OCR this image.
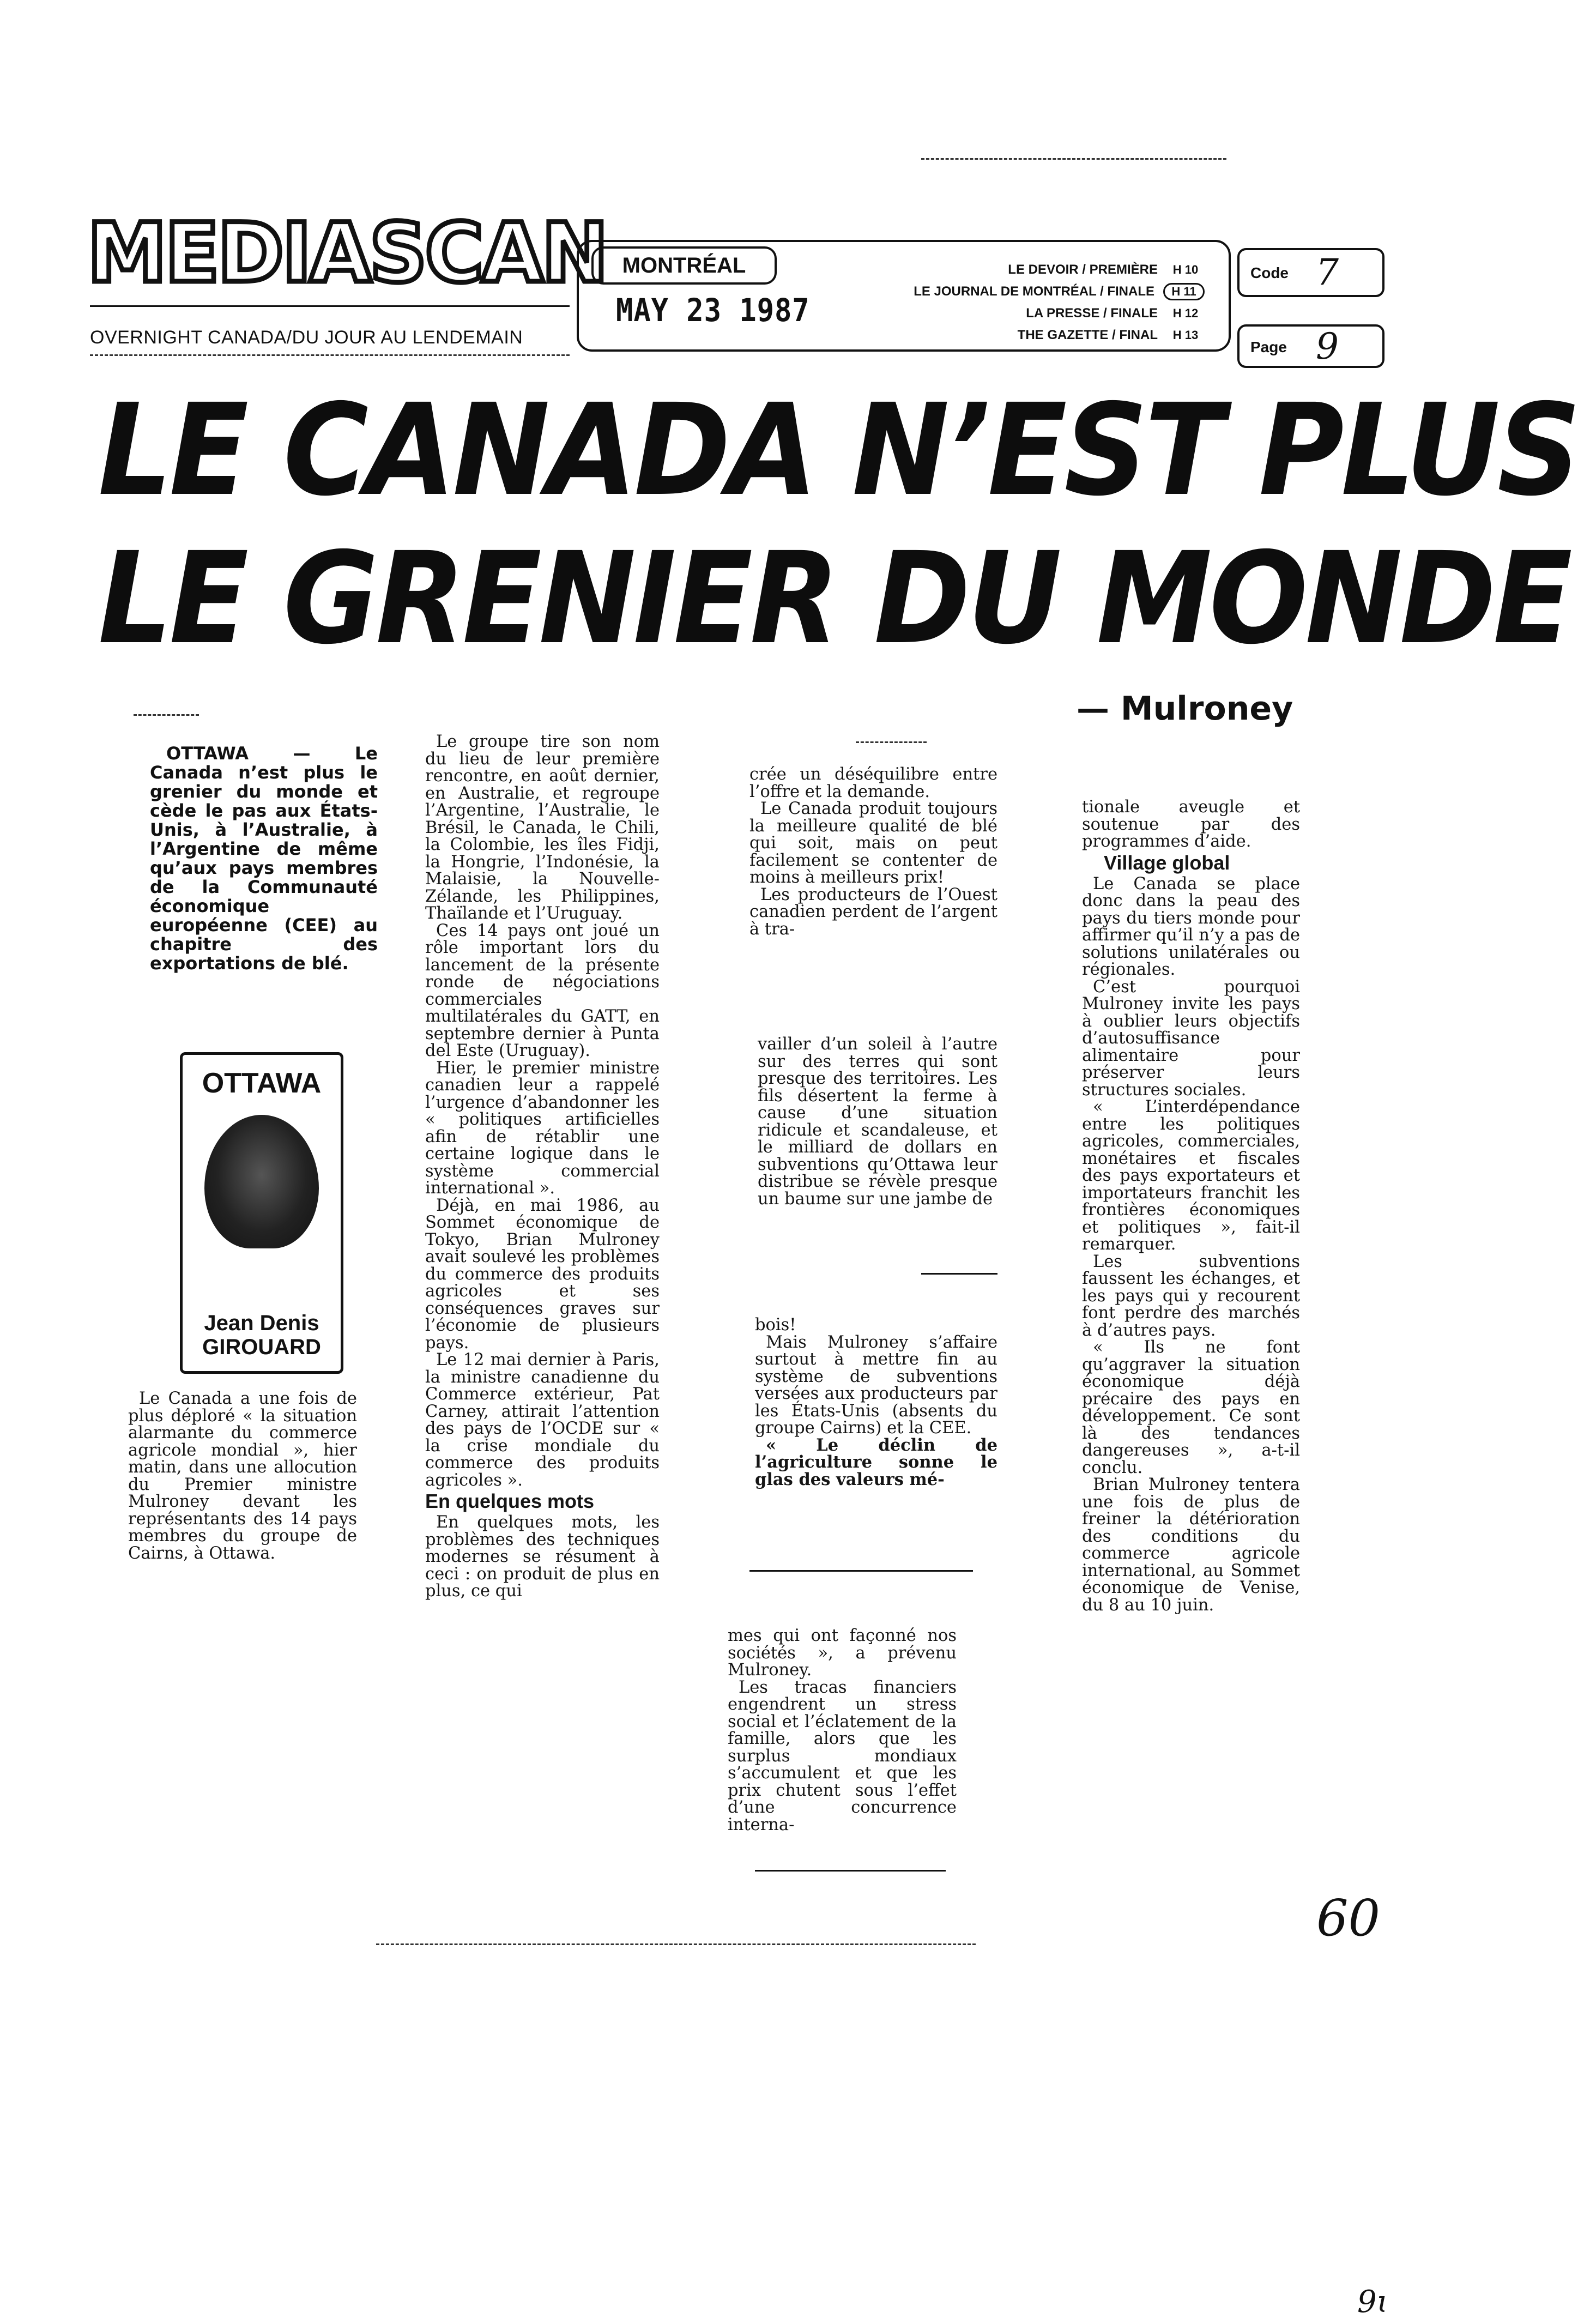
MEDIASCAN
OVERNIGHT CANADA/DU JOUR AU LENDEMAIN
MONTRÉAL
MAY 23 1987
LE DEVOIR / PREMIÈRE	H 10
LE JOURNAL DE MONTRÉAL / FINALE	H 11
LA PRESSE / FINALE	H 12
THE GAZETTE / FINAL	H 13
Code 7
Page 9
LE CANADA N’EST PLUS
LE GRENIER DU MONDE
— Mulroney

OTTAWA — Le Canada n’est plus le grenier du monde et cède le pas aux États-Unis, à l’Australie, à l’Argentine de même qu’aux pays membres de la Communauté économique européenne (CEE) au chapitre des exportations de blé.

OTTAWA
Jean Denis
GIROUARD

Le Canada a une fois de plus déploré « la situation alarmante du commerce agricole mondial », hier matin, dans une allocution du Premier ministre Mulroney devant les représentants des 14 pays membres du groupe de Cairns, à Ottawa.

Le groupe tire son nom du lieu de leur première rencontre, en août dernier, en Australie, et regroupe l’Argentine, l’Australie, le Brésil, le Canada, le Chili, la Colombie, les îles Fidji, la Hongrie, l’Indonésie, la Malaisie, la Nouvelle-Zélande, les Philippines, Thaïlande et l’Uruguay.

Ces 14 pays ont joué un rôle important lors du lancement de la présente ronde de négociations commerciales multilatérales du GATT, en septembre dernier à Punta del Este (Uruguay).

Hier, le premier ministre canadien leur a rappelé l’urgence d’abandonner les « politiques artificielles afin de rétablir une certaine logique dans le système commercial international ».

Déjà, en mai 1986, au Sommet économique de Tokyo, Brian Mulroney avait soulevé les problèmes du commerce des produits agricoles et ses conséquences graves sur l’économie de plusieurs pays.

Le 12 mai dernier à Paris, la ministre canadienne du Commerce extérieur, Pat Carney, attirait l’attention des pays de l’OCDE sur « la crise mondiale du commerce des produits agricoles ».

En quelques mots

En quelques mots, les problèmes des techniques modernes se résument à ceci : on produit de plus en plus, ce qui

crée un déséquilibre entre l’offre et la demande.

Le Canada produit toujours la meilleure qualité de blé qui soit, mais on peut facilement se contenter de moins à meilleurs prix!

Les producteurs de l’Ouest canadien perdent de l’argent à tra-

vailler d’un soleil à l’autre sur des terres qui sont presque des territoires. Les fils désertent la ferme à cause d’une situation ridicule et scandaleuse, et le milliard de dollars en subventions qu’Ottawa leur distribue se révèle presque un baume sur une jambe de

bois!

Mais Mulroney s’affaire surtout à mettre fin au système de subventions versées aux producteurs par les États-Unis (absents du groupe Cairns) et la CEE.

« Le déclin de l’agriculture sonne le glas des valeurs mé-

mes qui ont façonné nos sociétés », a prévenu Mulroney.

Les tracas financiers engendrent un stress social et l’éclatement de la famille, alors que les surplus mondiaux s’accumulent et que les prix chutent sous l’effet d’une concurrence interna-

tionale aveugle et soutenue par des programmes d’aide.

Village global

Le Canada se place donc dans la peau des pays du tiers monde pour affirmer qu’il n’y a pas de solutions unilatérales ou régionales.

C’est pourquoi Mulroney invite les pays à oublier leurs objectifs d’autosuffisance alimentaire pour préserver leurs structures sociales.

« L’interdépendance entre les politiques agricoles, commerciales, monétaires et fiscales des pays exportateurs et importateurs franchit les frontières économiques et politiques », fait-il remarquer.

Les subventions faussent les échanges, et les pays qui y recourent font perdre des marchés à d’autres pays.

« Ils ne font qu’aggraver la situation économique déjà précaire des pays en développement. Ce sont là des tendances dangereuses », a-t-il conclu.

Brian Mulroney tentera une fois de plus de freiner la détérioration des conditions du commerce agricole international, au Sommet économique de Venise, du 8 au 10 juin.

60
9ɩ
